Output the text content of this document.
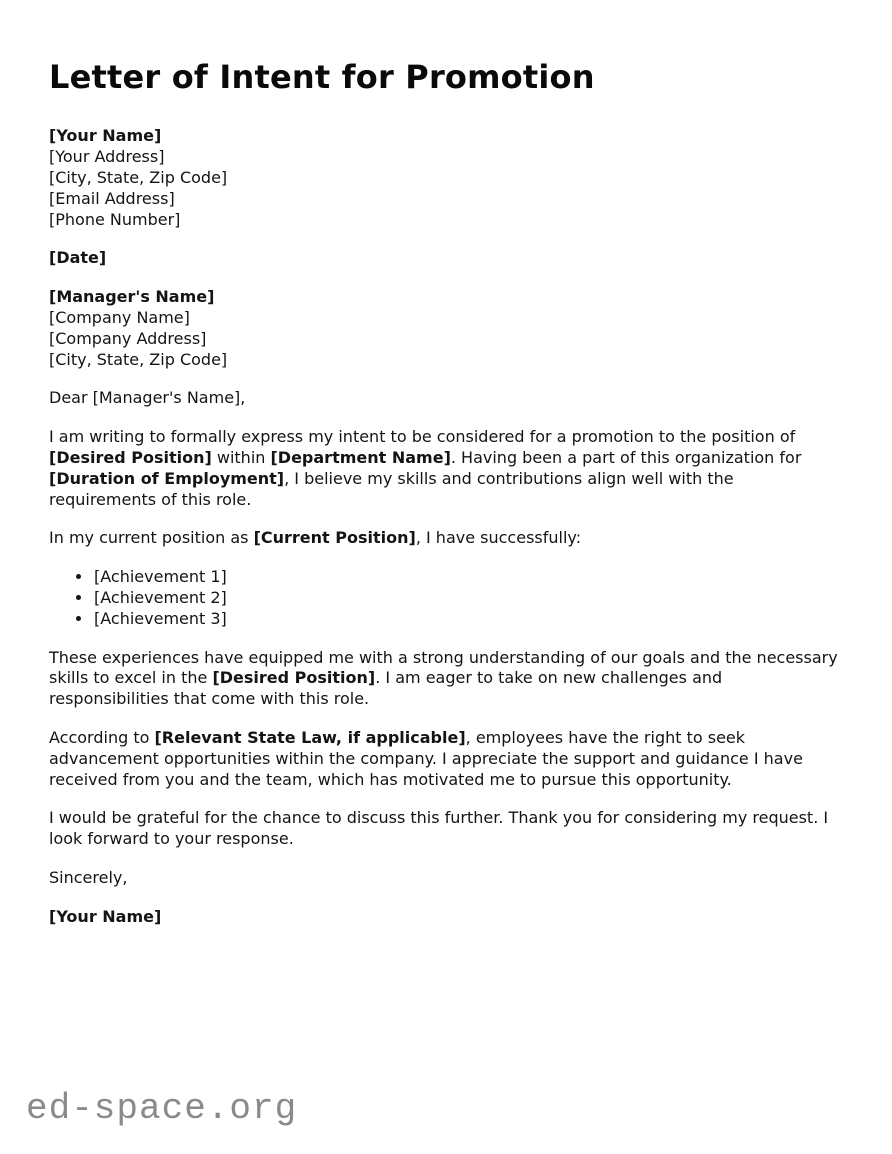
Letter of Intent for Promotion
[Your Name]
[Your Address]
[City, State, Zip Code]
[Email Address]
[Phone Number]
[Date]
[Manager's Name]
[Company Name]
[Company Address]
[City, State, Zip Code]

Dear [Manager's Name],

I am writing to formally express my intent to be considered for a promotion to the position of [Desired Position] within [Department Name]. Having been a part of this organization for [Duration of Employment], I believe my skills and contributions align well with the requirements of this role.

In my current position as [Current Position], I have successfully:

• [Achievement 1]
• [Achievement 2]
• [Achievement 3]

These experiences have equipped me with a strong understanding of our goals and the necessary skills to excel in the [Desired Position]. I am eager to take on new challenges and responsibilities that come with this role.

According to [Relevant State Law, if applicable], employees have the right to seek advancement opportunities within the company. I appreciate the support and guidance I have received from you and the team, which has motivated me to pursue this opportunity.

I would be grateful for the chance to discuss this further. Thank you for considering my request. I look forward to your response.

Sincerely,

[Your Name]

ed-space.org
